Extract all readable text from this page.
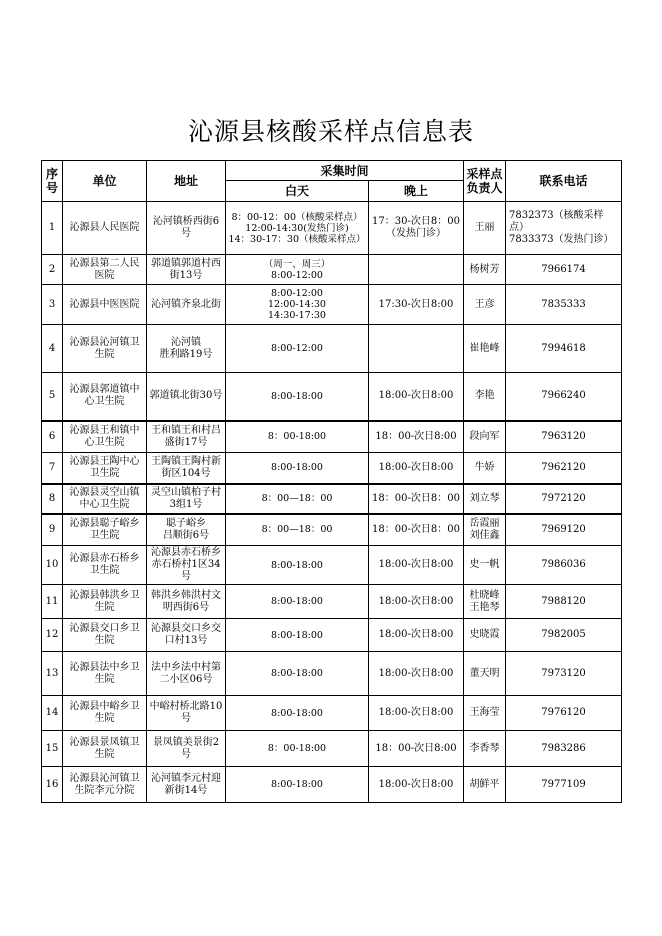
沁源县核酸采样点信息表
序
号	单位	地址	采集时间		采样点
负责人	联系电话
			白天	晚上		
1	沁源县人民医院	沁河镇桥西街6号	8：00-12：00（核酸采样点）12:00-14:30(发热门诊)
14：30-17：30（核酸采样点）	17：30-次日8：00（发热门诊）	王丽	7832373（核酸采样点）
7833373（发热门诊）
2	沁源县第二人民医院	郭道镇郭道村西街13号	（周一、周三）
8:00-12:00		杨树芳	7966174
3	沁源县中医医院	沁河镇齐泉北街	8:00-12:00
12:00-14:30
14:30-17:30	17:30-次日8:00	王彦	7835333
4	沁源县沁河镇卫生院	沁河镇
胜利路19号	8:00-12:00		崔艳峰	7994618
5	沁源县郭道镇中心卫生院	郭道镇北街30号	8:00-18:00	18:00-次日8:00	李艳	7966240
6	沁源县王和镇中心卫生院	王和镇王和村吕盛街17号	8：00-18:00	18：00-次日8:00	段向军	7963120
7	沁源县王陶中心卫生院	王陶镇王陶村新街区104号	8:00-18:00	18:00-次日8:00	牛娇	7962120
8	沁源县灵空山镇中心卫生院	灵空山镇柏子村3组1号	8：00—18：00	18：00-次日8：00	刘立琴	7972120
9	沁源县聪子峪乡卫生院	聪子峪乡
吕顺街6号	8：00—18：00	18：00-次日8：00	岳霞丽
刘佳鑫	7969120
10	沁源县赤石桥乡卫生院	沁源县赤石桥乡赤石桥村1区34号	8:00-18:00	18:00-次日8:00	史一帆	7986036
11	沁源县韩洪乡卫生院	韩洪乡韩洪村文明西街6号	8:00-18:00	18:00-次日8:00	杜晓峰
王艳琴	7988120
12	沁源县交口乡卫生院	沁源县交口乡交口村13号	8:00-18:00	18:00-次日8:00	史晓霞	7982005
13	沁源县法中乡卫生院	法中乡法中村第二小区06号	8:00-18:00	18:00-次日8:00	董天明	7973120
14	沁源县中峪乡卫生院	中峪村桥北路10号	8:00-18:00	18:00-次日8:00	王海莹	7976120
15	沁源县景凤镇卫生院	景凤镇美景街2号	8：00-18:00	18：00-次日8:00	李香琴	7983286
16	沁源县沁河镇卫生院李元分院	沁河镇李元村迎新街14号	8:00-18:00	18:00-次日8:00	胡鲜平	7977109
